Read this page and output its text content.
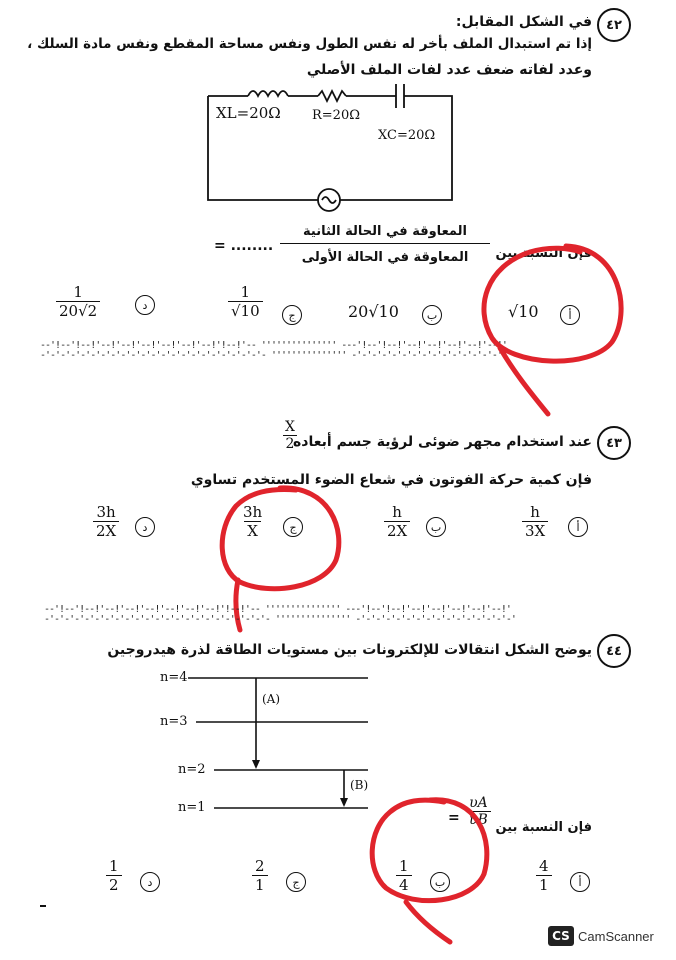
٤٢
في الشكل المقابل:
إذا تم استبدال الملف بأخر له نفس الطول ونفس مساحة المقطع ونفس مادة السلك ،
وعدد لفاته ضعف عدد لفات الملف الأصلي
XL=20Ω R=20Ω
XC=20Ω
فإن النسبة بين
المعاوقة في الحالة الثانية
المعاوقة في الحالة الأولى
= ........
أ
√10
ب
20√10
ج
$\frac{1}{√10}$
د
$\frac{1}{20√2}$
--'!--'!--!'--!'--!'--!'--!'--!'--!'!--!'-- ''''''''''''''' ---'!--'!--!'--!'--!'--!'--!'--!'
-'-'-'-'-'-'-'-'-'-'-'-'-'-'-'-'-'-'-'-'-'-'- ''''''''''''''' -'-'-'-'-'-'-'-'-'-'-'-'-'-'-'-'
٤٣
عند استخدام مجهر ضوئى لرؤية جسم أبعاده
$\frac{X}{2}$
فإن كمية حركة الفوتون في شعاع الضوء المستخدم تساوي
أ
$\frac{h}{3X}$
ب
$\frac{h}{2X}$
ج
$\frac{3h}{X}$
د
$\frac{3h}{2X}$
--'!--'!--!'--!'--!'--!'--!'--!'--!'!--!'-- ''''''''''''''' ---'!--'!--!'--!'--!'--!'--!'--!'
-'-'-'-'-'-'-'-'-'-'-'-'-'-'-'-'-'-'-'-'-'-'- ''''''''''''''' -'-'-'-'-'-'-'-'-'-'-'-'-'-'-'-'
٤٤
يوضح الشكل انتقالات للإلكترونات بين مستويات الطاقة لذرة هيدروجين
n=4
n=3
n=2
n=1
(A)
(B)
فإن النسبة بين
$\frac{\upsilon A}{\upsilon B}$
=
أ
$\frac{4}{1}$
ب
$\frac{1}{4}$
ج
$\frac{2}{1}$
د
$\frac{1}{2}$
CS CamScanner
